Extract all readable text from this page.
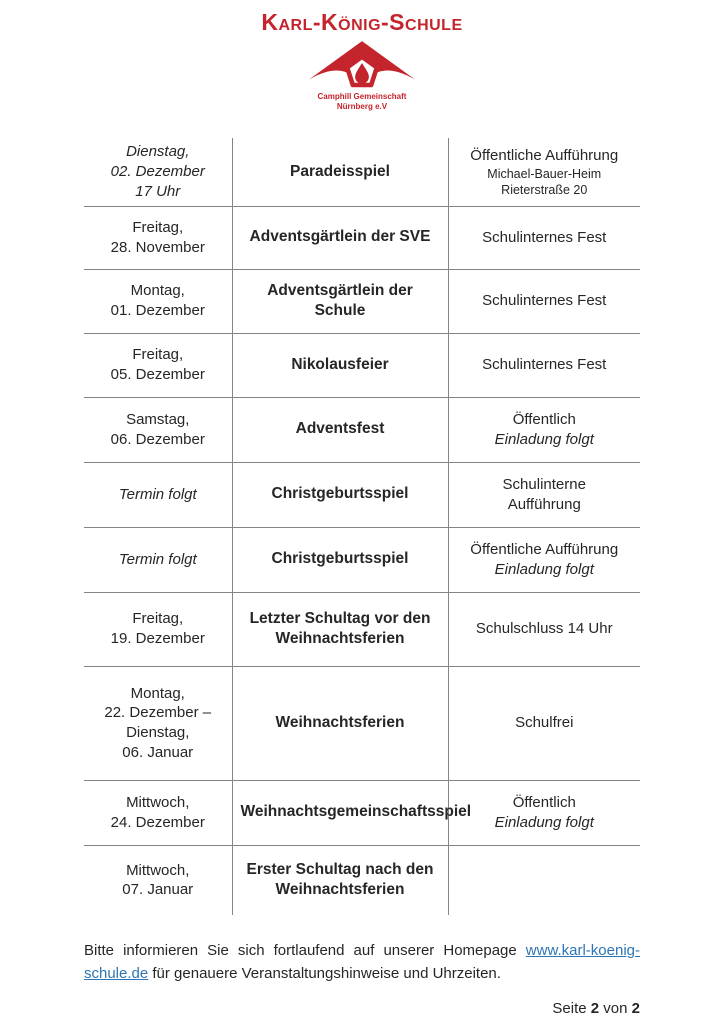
Karl-König-Schule
Camphill Gemeinschaft
Nürnberg e.V
Dienstag,
02. Dezember
17 Uhr	Paradeisspiel	Öffentliche Aufführung
Michael-Bauer-Heim
Rieterstraße 20

Freitag,
28. November	Adventsgärtlein der SVE	Schulinternes Fest

Montag,
01. Dezember	Adventsgärtlein der Schule	Schulinternes Fest

Freitag,
05. Dezember	Nikolausfeier	Schulinternes Fest

Samstag,
06. Dezember	Adventsfest	Öffentlich
Einladung folgt

Termin folgt	Christgeburtsspiel	Schulinterne
Aufführung

Termin folgt	Christgeburtsspiel	Öffentliche Aufführung
Einladung folgt

Freitag,
19. Dezember	Letzter Schultag vor den
Weihnachtsferien	Schulschluss 14 Uhr

Montag,
22. Dezember –
Dienstag,
06. Januar	Weihnachtsferien	Schulfrei

Mittwoch,
24. Dezember	Weihnachtsgemeinschaftsspiel	Öffentlich
Einladung folgt

Mittwoch,
07. Januar	Erster Schultag nach den
Weihnachtsferien	

Bitte informieren Sie sich fortlaufend auf unserer Homepage www.karl-koenig-schule.de für genauere Veranstaltungshinweise und Uhrzeiten.
Seite 2 von 2
